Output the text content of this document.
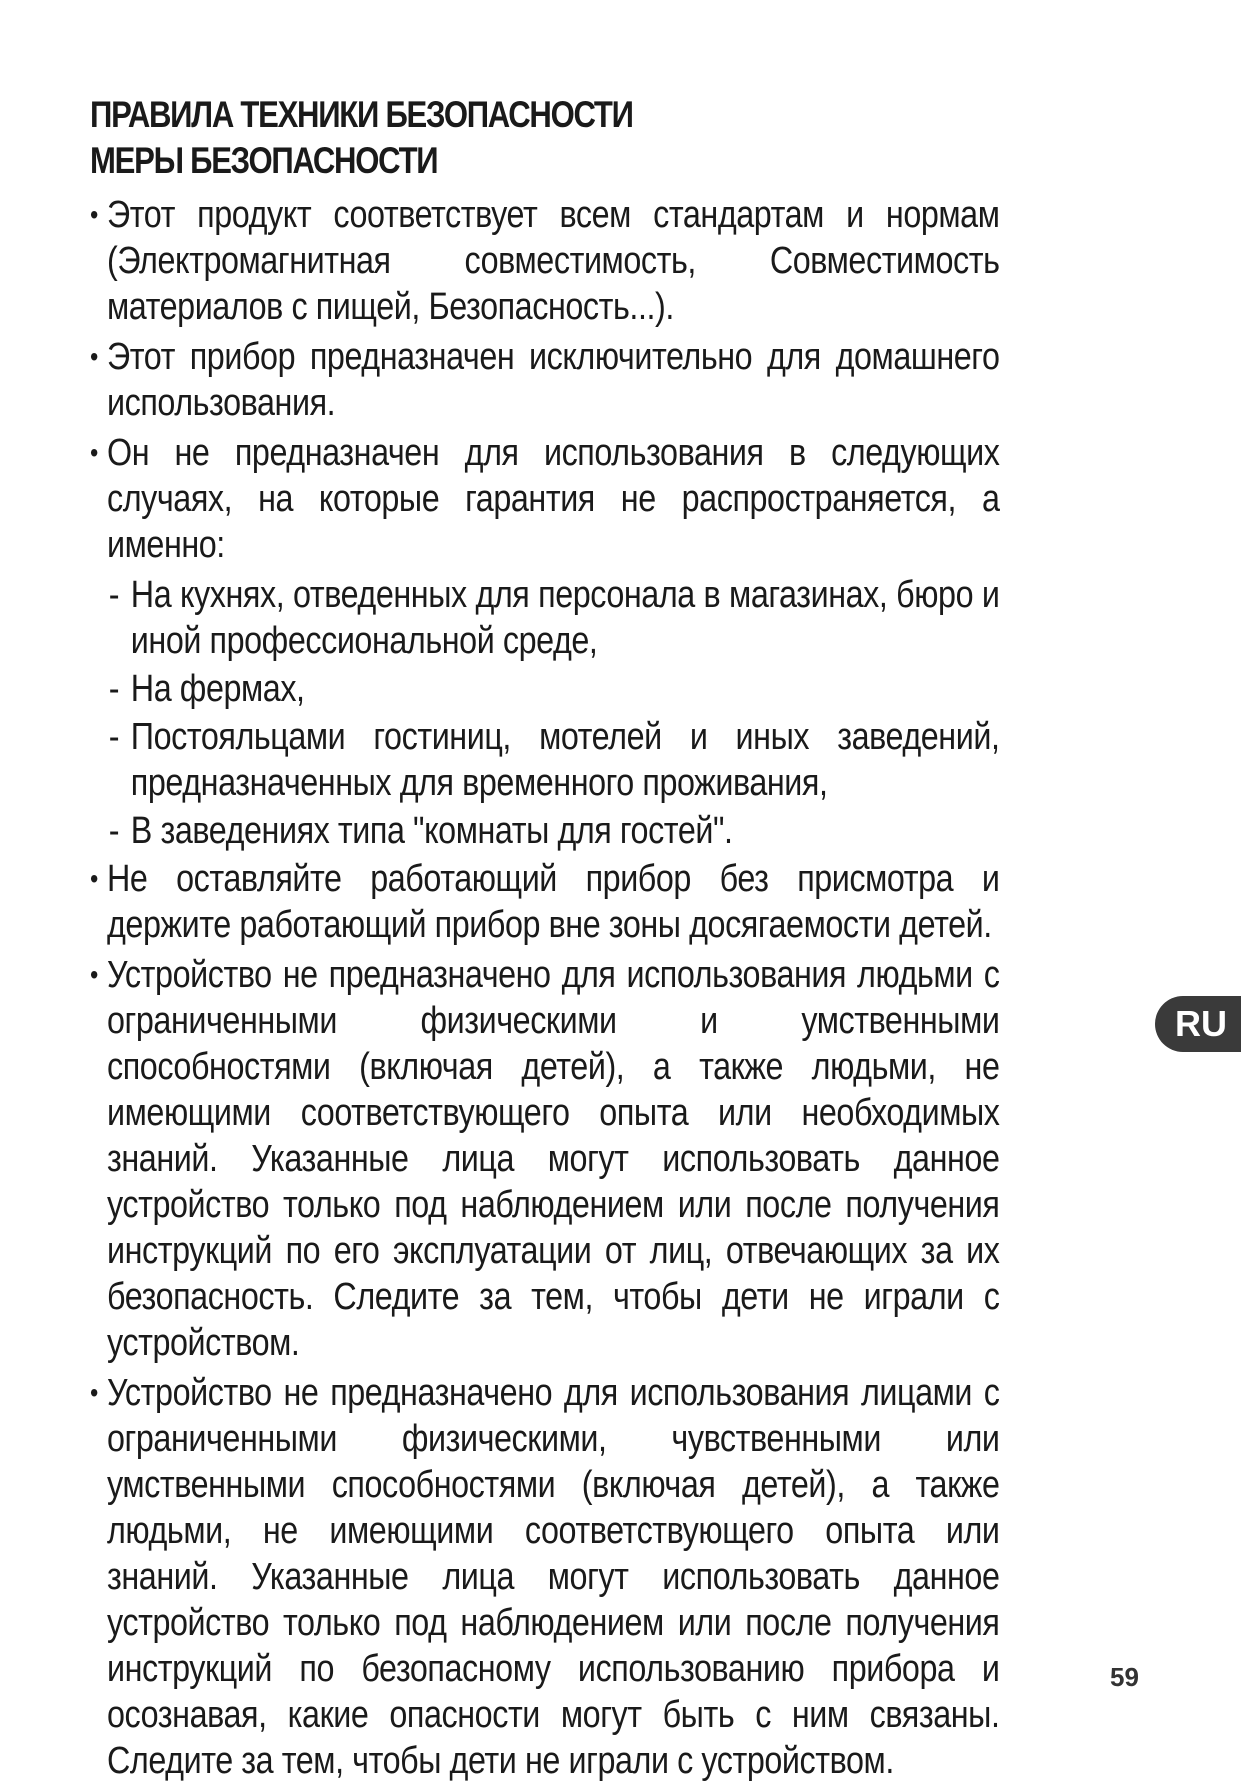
ПРАВИЛА ТЕХНИКИ БЕЗОПАСНОСТИ
МЕРЫ БЕЗОПАСНОСТИ
• Этот продукт соответствует всем стандартам и нормам (Электромагнитная совместимость, Совместимость материалов с пищей, Безопасность...).
• Этот прибор предназначен исключительно для домашнего использования.
• Он не предназначен для использования в следующих случаях, на которые гарантия не распространяется, а именно:
- На кухнях, отведенных для персонала в магазинах, бюро и иной профессиональной среде,
- На фермах,
- Постояльцами гостиниц, мотелей и иных заведений, предназначенных для временного проживания,
- В заведениях типа "комнаты для гостей".
• Не оставляйте работающий прибор без присмотра и держите работающий прибор вне зоны досягаемости детей.
• Устройство не предназначено для использования людьми с ограниченными физическими и умственными способностями (включая детей), а также людьми, не имеющими соответствующего опыта или необходимых знаний. Указанные лица могут использовать данное устройство только под наблюдением или после получения инструкций по его эксплуатации от лиц, отвечающих за их безопасность. Следите за тем, чтобы дети не играли с устройством.
• Устройство не предназначено для использования лицами с ограниченными физическими, чувственными или умственными способностями (включая детей), а также людьми, не имеющими соответствующего опыта или знаний. Указанные лица могут использовать данное устройство только под наблюдением или после получения инструкций по безопасному использованию прибора и осознавая, какие опасности могут быть с ним связаны. Следите за тем, чтобы дети не играли с устройством.
RU
59
